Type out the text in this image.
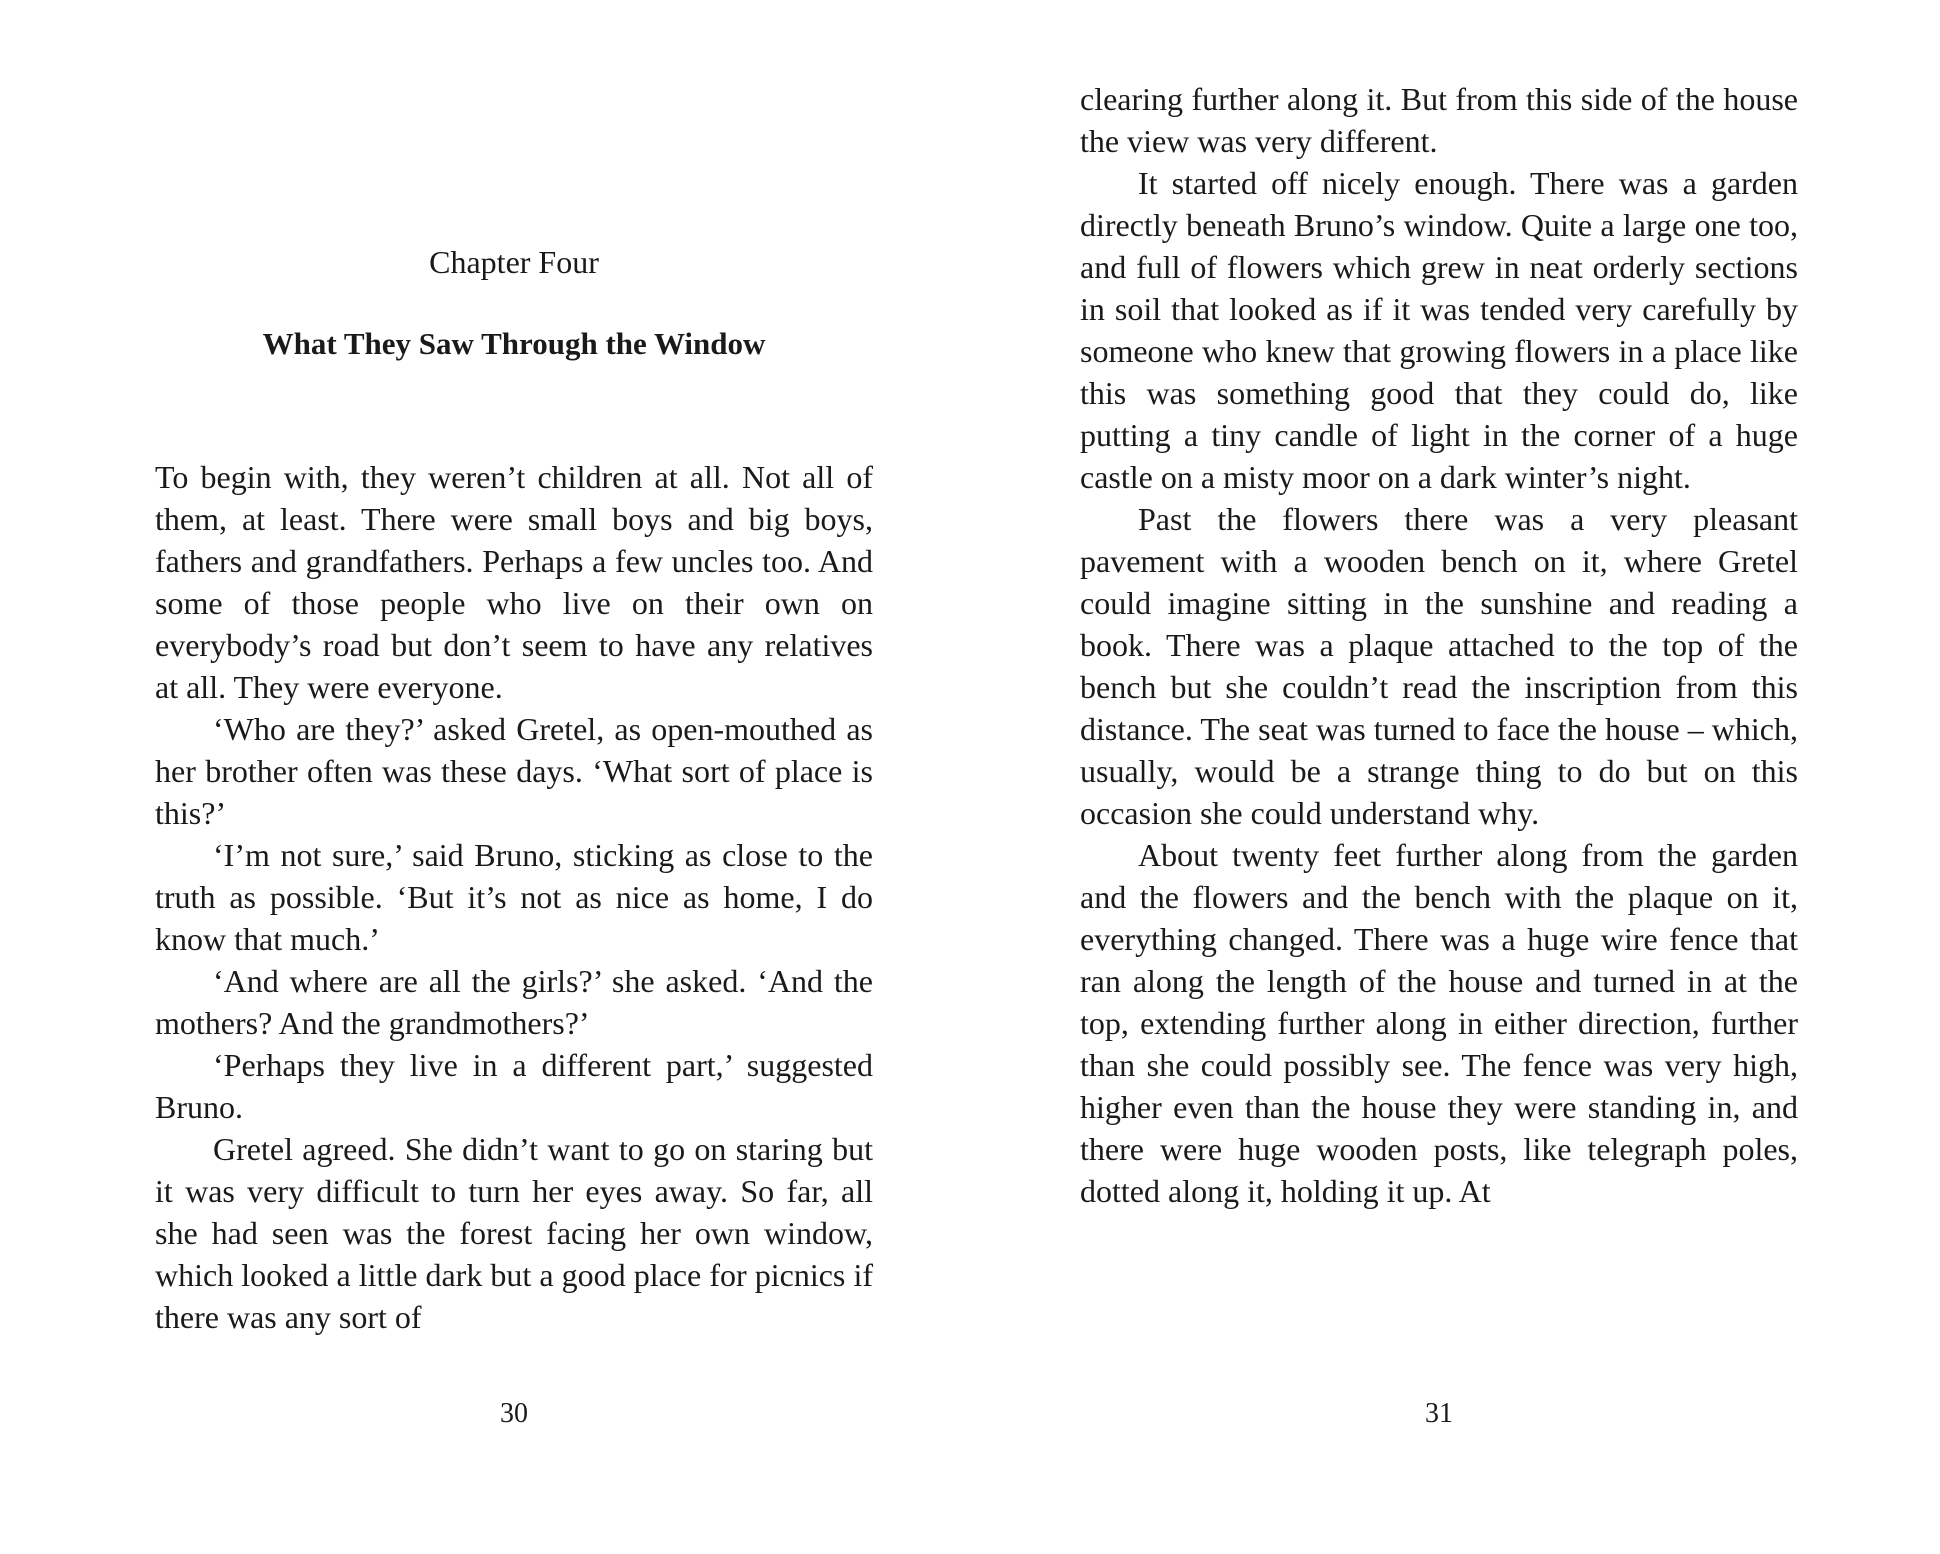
Chapter Four
What They Saw Through the Window

To begin with, they weren’t children at all. Not all of them, at least. There were small boys and big boys, fathers and grandfathers. Perhaps a few uncles too. And some of those people who live on their own on everybody’s road but don’t seem to have any relatives at all. They were everyone.

‘Who are they?’ asked Gretel, as open-mouthed as her brother often was these days. ‘What sort of place is this?’

‘I’m not sure,’ said Bruno, sticking as close to the truth as possible. ‘But it’s not as nice as home, I do know that much.’

‘And where are all the girls?’ she asked. ‘And the mothers? And the grandmothers?’

‘Perhaps they live in a different part,’ suggested Bruno.

Gretel agreed. She didn’t want to go on staring but it was very difficult to turn her eyes away. So far, all she had seen was the forest facing her own window, which looked a little dark but a good place for picnics if there was any sort of

30

clearing further along it. But from this side of the house the view was very different.

It started off nicely enough. There was a garden directly beneath Bruno’s window. Quite a large one too, and full of flowers which grew in neat orderly sections in soil that looked as if it was tended very carefully by someone who knew that growing flowers in a place like this was something good that they could do, like putting a tiny candle of light in the corner of a huge castle on a misty moor on a dark winter’s night.

Past the flowers there was a very pleasant pavement with a wooden bench on it, where Gretel could imagine sitting in the sunshine and reading a book. There was a plaque attached to the top of the bench but she couldn’t read the inscription from this distance. The seat was turned to face the house – which, usually, would be a strange thing to do but on this occasion she could understand why.

About twenty feet further along from the garden and the flowers and the bench with the plaque on it, everything changed. There was a huge wire fence that ran along the length of the house and turned in at the top, extending further along in either direction, further than she could possibly see. The fence was very high, higher even than the house they were standing in, and there were huge wooden posts, like telegraph poles, dotted along it, holding it up. At

31
